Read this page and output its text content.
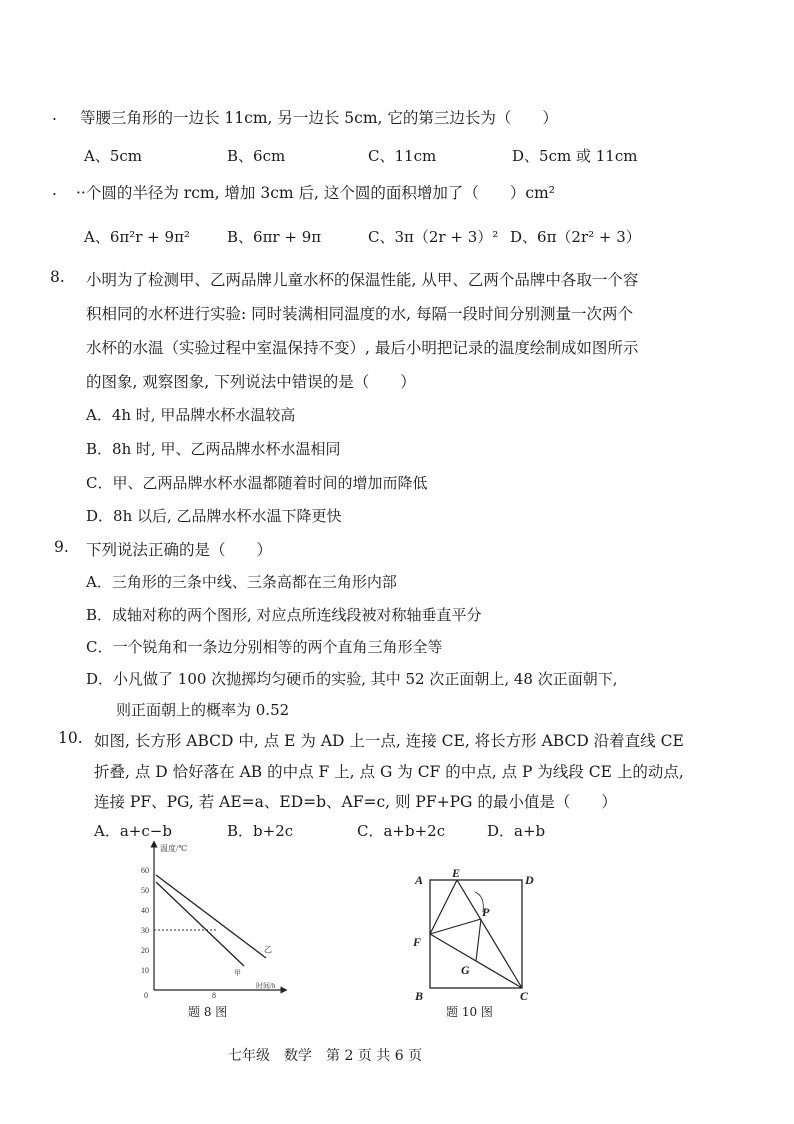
. 等腰三角形的一边长 11cm, 另一边长 5cm, 它的第三边长为（　　）
A、5cm	B、6cm	C、11cm	D、5cm 或 11cm
. ··个圆的半径为 rcm, 增加 3cm 后, 这个圆的面积增加了（　　）cm²
A、6π²r + 9π² B、6πr + 9π	C、3π（2r + 3）² D、6π（2r² + 3）
8. 小明为了检测甲、乙两品牌儿童水杯的保温性能, 从甲、乙两个品牌中各取一个容
积相同的水杯进行实验: 同时装满相同温度的水, 每隔一段时间分别测量一次两个
水杯的水温（实验过程中室温保持不变）, 最后小明把记录的温度绘制成如图所示
的图象, 观察图象, 下列说法中错误的是（　　）
A．4h 时, 甲品牌水杯水温较高
B．8h 时, 甲、乙两品牌水杯水温相同
C．甲、乙两品牌水杯水温都随着时间的增加而降低
D．8h 以后, 乙品牌水杯水温下降更快
9. 下列说法正确的是（　　）
A．三角形的三条中线、三条高都在三角形内部
B．成轴对称的两个图形, 对应点所连线段被对称轴垂直平分
C．一个锐角和一条边分别相等的两个直角三角形全等
D．小凡做了 100 次抛掷均匀硬币的实验, 其中 52 次正面朝上, 48 次正面朝下,
则正面朝上的概率为 0.52
10. 如图, 长方形 ABCD 中, 点 E 为 AD 上一点, 连接 CE, 将长方形 ABCD 沿着直线 CE
折叠, 点 D 恰好落在 AB 的中点 F 上, 点 G 为 CF 的中点, 点 P 为线段 CE 上的动点,
连接 PF、PG, 若 AE=a、ED=b、AF=c, 则 PF+PG 的最小值是（　　）
A．a+c−b	B．b+2c	C．a+b+2c	D．a+b
温度/℃
时间/h
0
10
20
30
40
50
60
8
乙
甲
题 8 图
A E	D
P
F
G
B	C
题 10 图
七年级　数学　第 2 页 共 6 页
